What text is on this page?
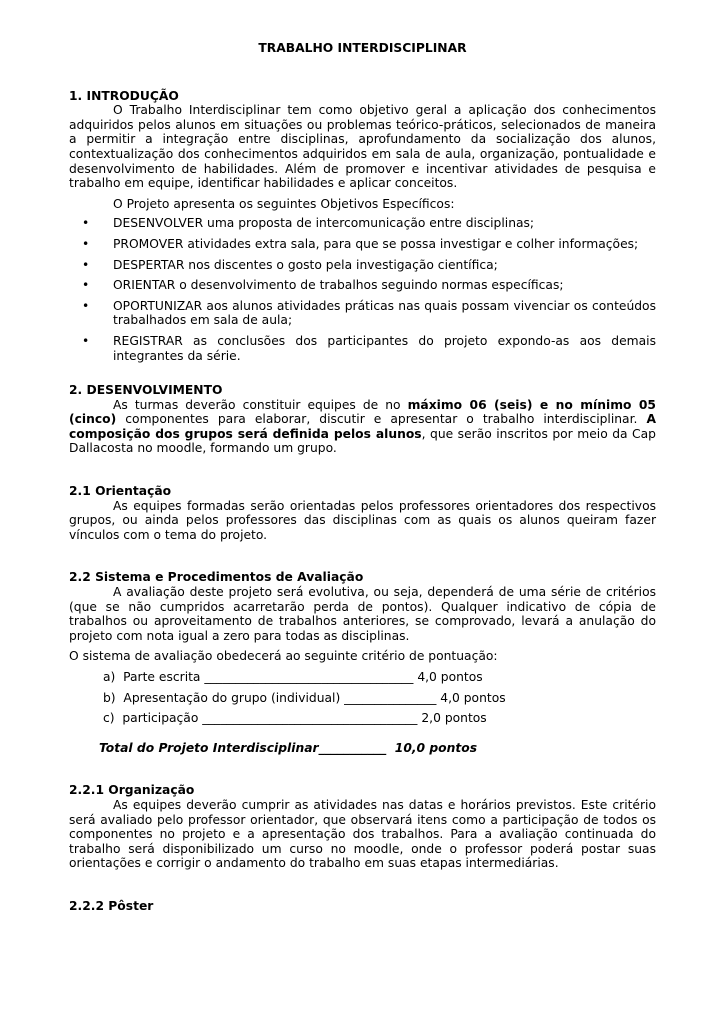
TRABALHO INTERDISCIPLINAR
1. INTRODUÇÃO

O Trabalho Interdisciplinar tem como objetivo geral a aplicação dos conhecimentos adquiridos pelos alunos em situações ou problemas teórico-práticos, selecionados de maneira a permitir a integração entre disciplinas, aprofundamento da socialização dos alunos, contextualização dos conhecimentos adquiridos em sala de aula, organização, pontualidade e desenvolvimento de habilidades. Além de promover e incentivar atividades de pesquisa e trabalho em equipe, identificar habilidades e aplicar conceitos.

O Projeto apresenta os seguintes Objetivos Específicos:

• DESENVOLVER uma proposta de intercomunicação entre disciplinas;
• PROMOVER atividades extra sala, para que se possa investigar e colher informações;
• DESPERTAR nos discentes o gosto pela investigação científica;
• ORIENTAR o desenvolvimento de trabalhos seguindo normas específicas;
• OPORTUNIZAR aos alunos atividades práticas nas quais possam vivenciar os conteúdos trabalhados em sala de aula;
• REGISTRAR as conclusões dos participantes do projeto expondo-as aos demais integrantes da série.
2. DESENVOLVIMENTO

As turmas deverão constituir equipes de no máximo 06 (seis) e no mínimo 05 (cinco) componentes para elaborar, discutir e apresentar o trabalho interdisciplinar. A composição dos grupos será definida pelos alunos, que serão inscritos por meio da Cap Dallacosta no moodle, formando um grupo.

2.1 Orientação

As equipes formadas serão orientadas pelos professores orientadores dos respectivos grupos, ou ainda pelos professores das disciplinas com as quais os alunos queiram fazer vínculos com o tema do projeto.

2.2 Sistema e Procedimentos de Avaliação

A avaliação deste projeto será evolutiva, ou seja, dependerá de uma série de critérios (que se não cumpridos acarretarão perda de pontos). Qualquer indicativo de cópia de trabalhos ou aproveitamento de trabalhos anteriores, se comprovado, levará a anulação do projeto com nota igual a zero para todas as disciplinas.

O sistema de avaliação obedecerá ao seguinte critério de pontuação:

a)  Parte escrita __________________________________ 4,0 pontos
b)  Apresentação do grupo (individual) _______________ 4,0 pontos
c)  participação ___________________________________ 2,0 pontos
Total do Projeto Interdisciplinar___________  10,0 pontos
2.2.1 Organização

As equipes deverão cumprir as atividades nas datas e horários previstos. Este critério será avaliado pelo professor orientador, que observará itens como a participação de todos os componentes no projeto e a apresentação dos trabalhos. Para a avaliação continuada do trabalho será disponibilizado um curso no moodle, onde o professor poderá postar suas orientações e corrigir o andamento do trabalho em suas etapas intermediárias.

2.2.2 Pôster
